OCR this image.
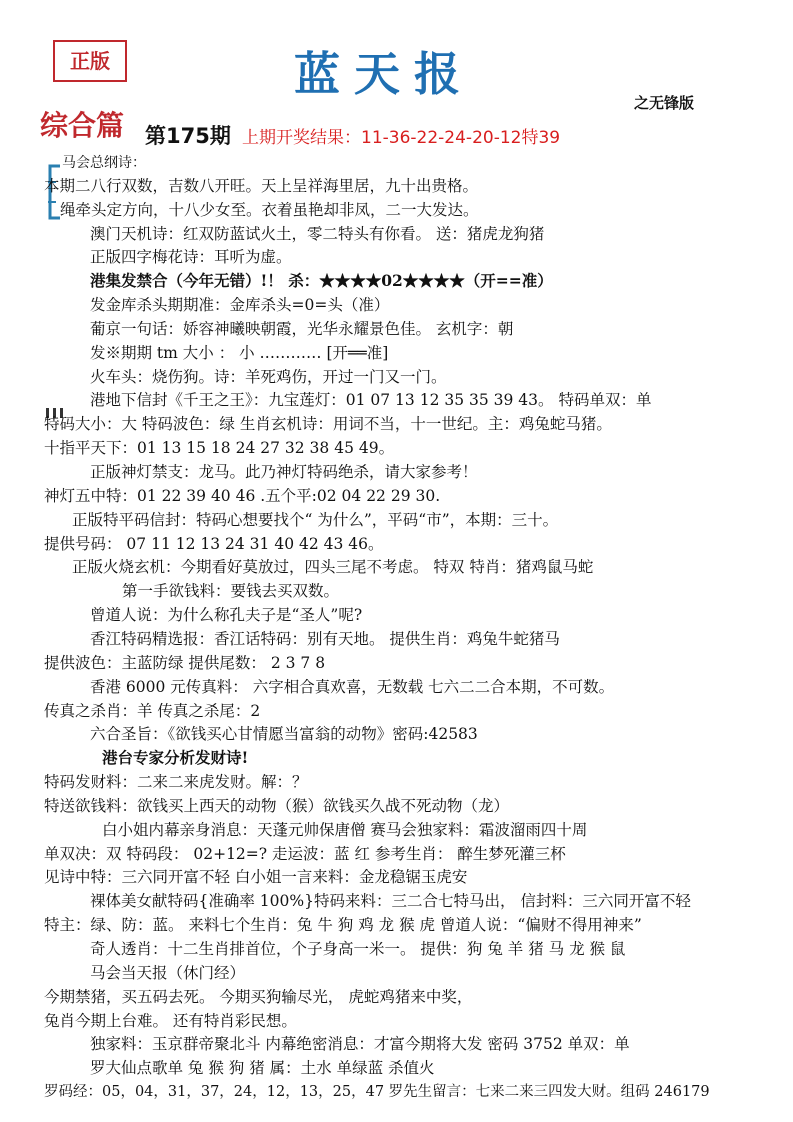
正版	蓝天报
之无锋版
综合篇 第175期 上期开奖结果：11-36-22-24-20-12特39
马会总纲诗：
本期二八行双数，吉数八开旺。天上呈祥海里居，九十出贵格。
绳牵头定方向，十八少女至。衣着虽艳却非凤，二一大发达。
澳门天机诗：红双防蓝试火土，零二特头有你看。 送：猪虎龙狗猪
正版四字梅花诗：耳听为虚。
港集发禁合（今年无错）!！ 杀：★★★★02★★★★（开==准）
发金库杀头期期准：金库杀头=0=头（准）
葡京一句话：娇容神曦映朝霞，光华永耀景色佳。 玄机字：朝
发※期期 tm 大小 ： 小 ………… [开══准]
火车头：烧伤狗。诗：羊死鸡伤，开过一门又一门。
港地下信封《千王之王》：九宝莲灯：01 07 13 12 35 35 39 43。 特码单双：单
特码大小：大 特码波色：绿 生肖玄机诗：用词不当，十一世纪。主：鸡兔蛇马猪。
十指平天下：01 13 15 18 24 27 32 38 45 49。
正版神灯禁支：龙马。此乃神灯特码绝杀，请大家参考！
神灯五中特：01 22 39 40 46 .五个平:02 04 22 29 30.
正版特平码信封：特码心想要找个“ 为什么”，平码“市”，本期：三十。
提供号码： 07 11 12 13 24 31 40 42 43 46。
正版火烧玄机：今期看好莫放过，四头三尾不考虑。 特双 特肖：猪鸡鼠马蛇
第一手欲钱料：要钱去买双数。
曾道人说：为什么称孔夫子是“圣人”呢?
香江特码精选报：香江话特码：别有天地。 提供生肖：鸡兔牛蛇猪马
提供波色：主蓝防绿 提供尾数： 2 3 7 8
香港 6000 元传真料： 六字相合真欢喜，无数载 七六二二合本期，不可数。
传真之杀肖：羊 传真之杀尾：2
六合圣旨：《欲钱买心甘情愿当富翁的动物》密码:42583
港台专家分析发财诗!
特码发财料：二来二来虎发财。解：？
特送欲钱料：欲钱买上西天的动物（猴）欲钱买久战不死动物（龙）
白小姐内幕亲身消息：天蓬元帅保唐僧 赛马会独家料：霜波溜雨四十周
单双决：双 特码段： 02+12=? 走运波：蓝 红 参考生肖： 醉生梦死灌三杯
见诗中特：三六同开富不轻 白小姐一言来料：金龙稳锯玉虎安
裸体美女献特码{准确率 100%}特码来料：三二合七特马出， 信封料：三六同开富不轻
特主：绿、防：蓝。 来料七个生肖：兔 牛 狗 鸡 龙 猴 虎 曾道人说：“偏财不得用神来”
奇人透肖：十二生肖排首位，个子身高一米一。 提供：狗 兔 羊 猪 马 龙 猴 鼠
马会当天报（休门经）
今期禁猪，买五码去死。 今期买狗输尽光， 虎蛇鸡猪来中奖，
兔肖今期上台难。 还有特肖彩民想。
独家料：玉京群帝聚北斗 内幕绝密消息：才富今期将大发 密码 3752 单双：单
罗大仙点歌单 兔 猴 狗 猪 属：土水 单绿蓝 杀值火
罗码经：05，04，31，37，24，12，13，25，47 罗先生留言：七来二来三四发大财。组码 246179
